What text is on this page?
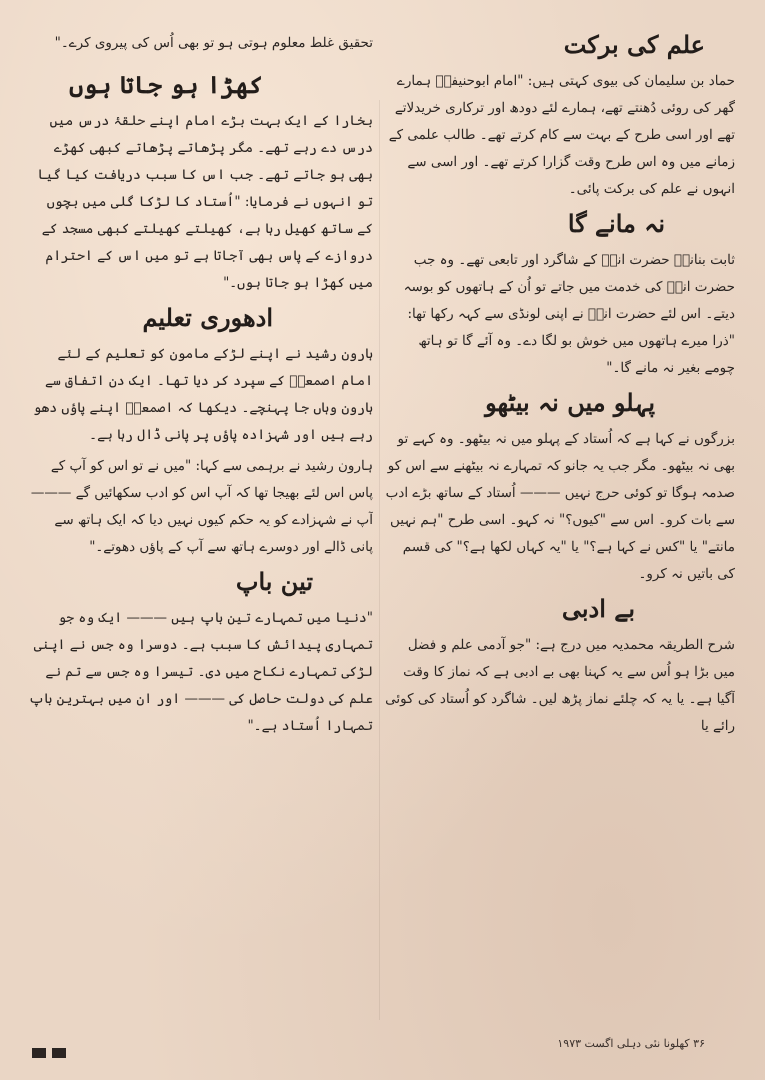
علم کی برکت

حماد بن سلیمان کی بیوی کہتی ہیں: "امام ابوحنیفہؒ ہمارے گھر کی روئی دُھنتے تھے، ہمارے لئے دودھ اور ترکاری خریدلاتے تھے اور اسی طرح کے بہت سے کام کرتے تھے۔ طالب علمی کے زمانے میں وہ اس طرح وقت گزارا کرتے تھے۔ اور اسی سے انہوں نے علم کی برکت پائی۔

نہ مانے گا

ثابت بنانیؒ حضرت انسؓ کے شاگرد اور تابعی تھے۔ وہ جب حضرت انسؓ کی خدمت میں جاتے تو اُن کے ہاتھوں کو بوسہ دیتے۔ اس لئے حضرت انسؓ نے اپنی لونڈی سے کہہ رکھا تھا: "ذرا میرے ہاتھوں میں خوش بو لگا دے۔ وہ آئے گا تو ہاتھ چومے بغیر نہ مانے گا۔"

پہلو میں نہ بیٹھو

بزرگوں نے کہا ہے کہ اُستاد کے پہلو میں نہ بیٹھو۔ وہ کہے تو بھی نہ بیٹھو۔ مگر جب یہ جانو کہ تمہارے نہ بیٹھنے سے اس کو صدمہ ہوگا تو کوئی حرج نہیں ——— اُستاد کے ساتھ بڑے ادب سے بات کرو۔ اس سے "کیوں؟" نہ کہو۔ اسی طرح "ہم نہیں مانتے" یا "کس نے کہا ہے؟" یا "یہ کہاں لکھا ہے؟" کی قسم کی باتیں نہ کرو۔

بے ادبی

شرح الطریقہ محمدیہ میں درج ہے: "جو آدمی علم و فضل میں بڑا ہو اُس سے یہ کہنا بھی بے ادبی ہے کہ نماز کا وقت آگیا ہے۔ یا یہ کہ چلئے نماز پڑھ لیں۔ شاگرد کو اُستاد کی کوئی رائے یا

تحقیق غلط معلوم ہوتی ہو تو بھی اُس کی پیروی کرے۔"

کھڑا ہو جاتا ہوں

بخارا کے ایک بہت بڑے امام اپنے حلقۂ درس میں درس دے رہے تھے۔ مگر پڑھاتے پڑھاتے کبھی کھڑے بھی ہو جاتے تھے۔ جب اس کا سبب دریافت کیا گیا تو انہوں نے فرمایا: "اُستاد کا لڑکا گلی میں بچوں کے ساتھ کھیل رہا ہے، کھیلتے کھیلتے کبھی مسجد کے دروازے کے پاس بھی آجاتا ہے تو میں اس کے احترام میں کھڑا ہو جاتا ہوں۔"

ادھوری تعلیم

ہارون رشید نے اپنے لڑکے مامون کو تعلیم کے لئے امام اصمعیؒ کے سپرد کر دیا تھا۔ ایک دن اتفاق سے ہارون وہاں جا پہنچے۔ دیکھا کہ اصمعیؒ اپنے پاؤں دھو رہے ہیں اور شہزادہ پاؤں پر پانی ڈال رہا ہے۔

ہارون رشید نے برہمی سے کہا: "میں نے تو اس کو آپ کے پاس اس لئے بھیجا تھا کہ آپ اس کو ادب سکھائیں گے ——— آپ نے شہزادے کو یہ حکم کیوں نہیں دیا کہ ایک ہاتھ سے پانی ڈالے اور دوسرے ہاتھ سے آپ کے پاؤں دھوتے۔"

تین باپ

"دنیا میں تمہارے تین باپ ہیں ——— ایک وہ جو تمہاری پیدائش کا سبب ہے۔ دوسرا وہ جس نے اپنی لڑکی تمہارے نکاح میں دی۔ تیسرا وہ جس سے تم نے علم کی دولت حاصل کی ——— اور ان میں بہترین باپ تمہارا اُستاد ہے۔"

۳۶ کھلونا نئی دہلی اگست ۱۹۷۳
